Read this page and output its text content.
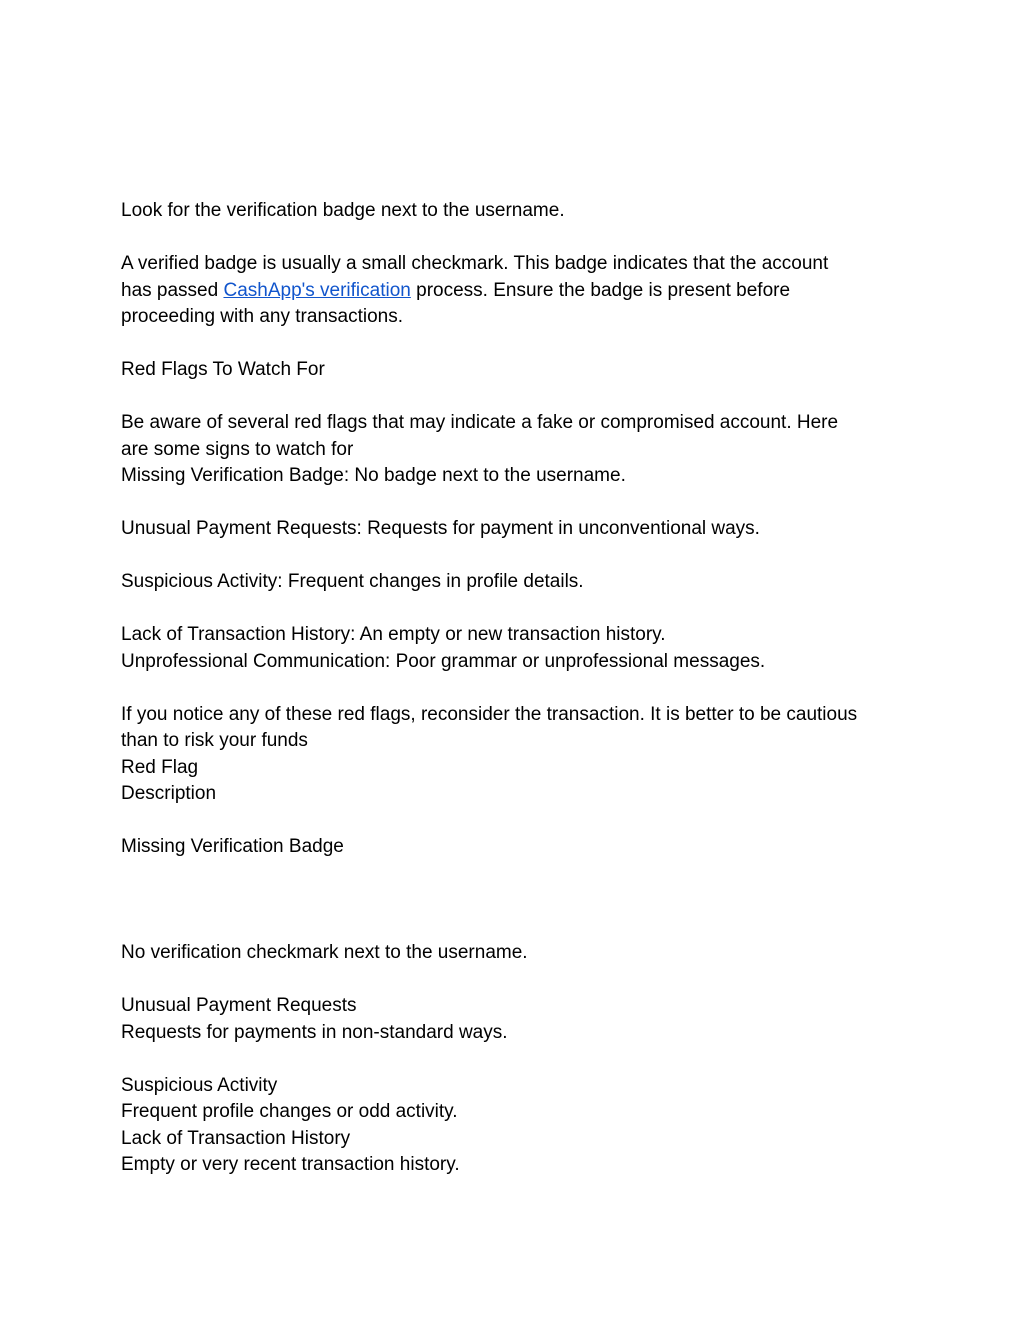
Look for the verification badge next to the username.
A verified badge is usually a small checkmark. This badge indicates that the account
has passed CashApp's verification process. Ensure the badge is present before
proceeding with any transactions.
Red Flags To Watch For
Be aware of several red flags that may indicate a fake or compromised account. Here
are some signs to watch for
Missing Verification Badge: No badge next to the username.
Unusual Payment Requests: Requests for payment in unconventional ways.
Suspicious Activity: Frequent changes in profile details.
Lack of Transaction History: An empty or new transaction history.
Unprofessional Communication: Poor grammar or unprofessional messages.
If you notice any of these red flags, reconsider the transaction. It is better to be cautious
than to risk your funds
Red Flag
Description
Missing Verification Badge
No verification checkmark next to the username.
Unusual Payment Requests
Requests for payments in non-standard ways.
Suspicious Activity
Frequent profile changes or odd activity.
Lack of Transaction History
Empty or very recent transaction history.
